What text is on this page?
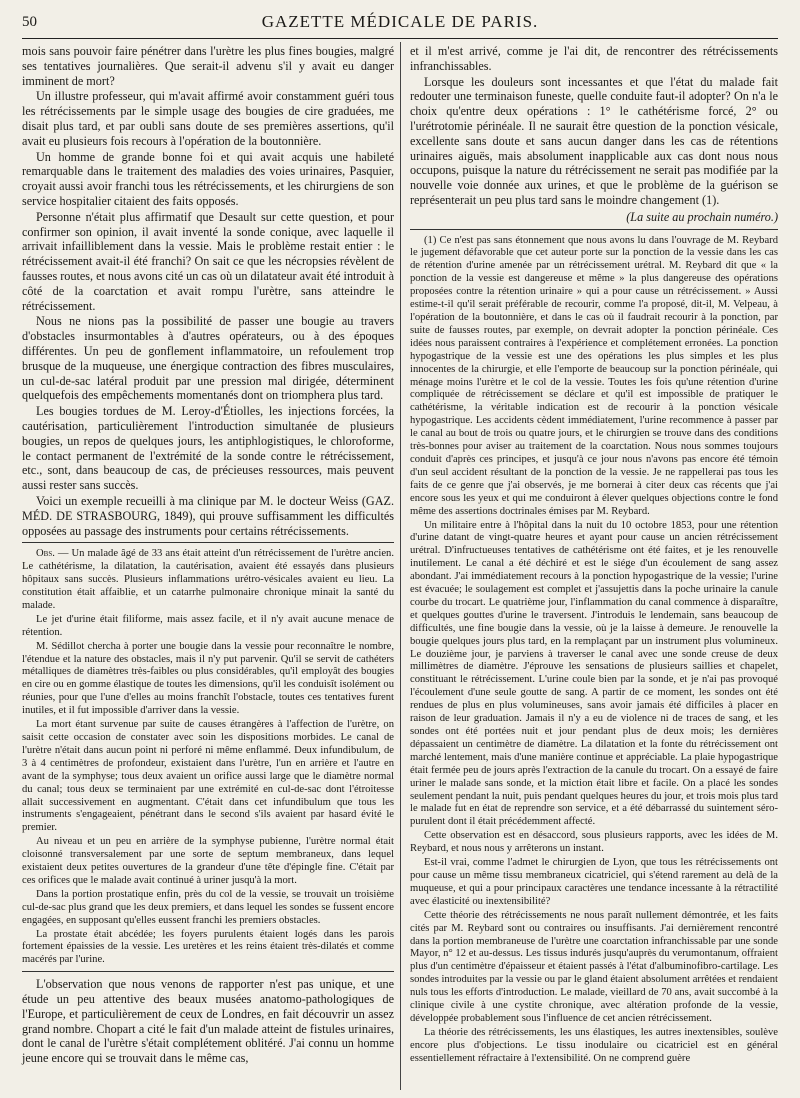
50	GAZETTE MÉDICALE DE PARIS.

mois sans pouvoir faire pénétrer dans l'urètre les plus fines bougies, malgré ses tentatives journalières. Que serait-il advenu s'il y avait eu danger imminent de mort?

Un illustre professeur, qui m'avait affirmé avoir constamment guéri tous les rétrécissements par le simple usage des bougies de cire graduées, me disait plus tard, et par oubli sans doute de ses premières assertions, qu'il avait eu plusieurs fois recours à l'opération de la boutonnière.

Un homme de grande bonne foi et qui avait acquis une habileté remarquable dans le traitement des maladies des voies urinaires, Pasquier, croyait aussi avoir franchi tous les rétrécissements, et les chirurgiens de son service hospitalier citaient des faits opposés.

Personne n'était plus affirmatif que Desault sur cette question, et pour confirmer son opinion, il avait inventé la sonde conique, avec laquelle il arrivait infailliblement dans la vessie. Mais le problème restait entier : le rétrécissement avait-il été franchi? On sait ce que les nécropsies révèlent de fausses routes, et nous avons cité un cas où un dilatateur avait été introduit à côté de la coarctation et avait rompu l'urètre, sans atteindre le rétrécissement.

Nous ne nions pas la possibilité de passer une bougie au travers d'obstacles insurmontables à d'autres opérateurs, ou à des époques différentes. Un peu de gonflement inflammatoire, un refoulement trop brusque de la muqueuse, une énergique contraction des fibres musculaires, un cul-de-sac latéral produit par une pression mal dirigée, déterminent quelquefois des empêchements momentanés dont on triomphera plus tard.

Les bougies tordues de M. Leroy-d'Étiolles, les injections forcées, la cautérisation, particulièrement l'introduction simultanée de plusieurs bougies, un repos de quelques jours, les antiphlogistiques, le chloroforme, le contact permanent de l'extrémité de la sonde contre le rétrécissement, etc., sont, dans beaucoup de cas, de précieuses ressources, mais peuvent aussi rester sans succès.

Voici un exemple recueilli à ma clinique par M. le docteur Weiss (GAZ. MÉD. DE STRASBOURG, 1849), qui prouve suffisamment les difficultés opposées au passage des instruments pour certains rétrécissements.

Obs. — Un malade âgé de 33 ans était atteint d'un rétrécissement de l'urètre ancien. Le cathétérisme, la dilatation, la cautérisation, avaient été essayés dans plusieurs hôpitaux sans succès. Plusieurs inflammations urétro-vésicales avaient eu lieu. La constitution était affaiblie, et un catarrhe pulmonaire chronique minait la santé du malade.

Le jet d'urine était filiforme, mais assez facile, et il n'y avait aucune menace de rétention.

M. Sédillot chercha à porter une bougie dans la vessie pour reconnaître le nombre, l'étendue et la nature des obstacles, mais il n'y put parvenir. Qu'il se servit de cathéters métalliques de diamètres très-faibles ou plus considérables, qu'il employât des bougies en cire ou en gomme élastique de toutes les dimensions, qu'il les conduisît isolément ou réunies, pour que l'une d'elles au moins franchît l'obstacle, toutes ces tentatives furent inutiles, et il fut impossible d'arriver dans la vessie.

La mort étant survenue par suite de causes étrangères à l'affection de l'urètre, on saisit cette occasion de constater avec soin les dispositions morbides. Le canal de l'urètre n'était dans aucun point ni perforé ni même enflammé. Deux infundibulum, de 3 à 4 centimètres de profondeur, existaient dans l'urètre, l'un en arrière et l'autre en avant de la symphyse; tous deux avaient un orifice aussi large que le diamètre normal du canal; tous deux se terminaient par une extrémité en cul-de-sac dont l'étroitesse allait successivement en augmentant. C'était dans cet infundibulum que tous les instruments s'engageaient, pénétrant dans le second s'ils avaient par hasard évité le premier.

Au niveau et un peu en arrière de la symphyse pubienne, l'urètre normal était cloisonné transversalement par une sorte de septum membraneux, dans lequel existaient deux petites ouvertures de la grandeur d'une tête d'épingle fine. C'était par ces orifices que le malade avait continué à uriner jusqu'à la mort.

Dans la portion prostatique enfin, près du col de la vessie, se trouvait un troisième cul-de-sac plus grand que les deux premiers, et dans lequel les sondes se fussent encore engagées, en supposant qu'elles eussent franchi les premiers obstacles.

La prostate était abcédée; les foyers purulents étaient logés dans les parois fortement épaissies de la vessie. Les uretères et les reins étaient très-dilatés et comme macérés par l'urine.

L'observation que nous venons de rapporter n'est pas unique, et une étude un peu attentive des beaux musées anatomo-pathologiques de l'Europe, et particulièrement de ceux de Londres, en fait découvrir un assez grand nombre. Chopart a cité le fait d'un malade atteint de fistules urinaires, dont le canal de l'urètre s'était complétement oblitéré. J'ai connu un homme jeune encore qui se trouvait dans le même cas,

et il m'est arrivé, comme je l'ai dit, de rencontrer des rétrécissements infranchissables.

Lorsque les douleurs sont incessantes et que l'état du malade fait redouter une terminaison funeste, quelle conduite faut-il adopter? On n'a le choix qu'entre deux opérations : 1° le cathétérisme forcé, 2° ou l'urétrotomie périnéale. Il ne saurait être question de la ponction vésicale, excellente sans doute et sans aucun danger dans les cas de rétentions urinaires aiguës, mais absolument inapplicable aux cas dont nous nous occupons, puisque la nature du rétrécissement ne serait pas modifiée par la nouvelle voie donnée aux urines, et que le problème de la guérison se représenterait un peu plus tard sans le moindre changement (1).

(La suite au prochain numéro.)

(1) Ce n'est pas sans étonnement que nous avons lu dans l'ouvrage de M. Reybard le jugement défavorable que cet auteur porte sur la ponction de la vessie dans les cas de rétention d'urine amenée par un rétrécissement urétral. M. Reybard dit que « la ponction de la vessie est dangereuse et même » la plus dangereuse des opérations proposées contre la rétention urinaire » qui a pour cause un rétrécissement. » Aussi estime-t-il qu'il serait préférable de recourir, comme l'a proposé, dit-il, M. Velpeau, à l'opération de la boutonnière, et dans le cas où il faudrait recourir à la ponction, par suite de fausses routes, par exemple, on devrait adopter la ponction périnéale. Ces idées nous paraissent contraires à l'expérience et complétement erronées. La ponction hypogastrique de la vessie est une des opérations les plus simples et les plus innocentes de la chirurgie, et elle l'emporte de beaucoup sur la ponction périnéale, qui ménage moins l'urètre et le col de la vessie. Toutes les fois qu'une rétention d'urine compliquée de rétrécissement se déclare et qu'il est impossible de pratiquer le cathétérisme, la véritable indication est de recourir à la ponction vésicale hypogastrique. Les accidents cèdent immédiatement, l'urine recommence à passer par le canal au bout de trois ou quatre jours, et le chirurgien se trouve dans des conditions très-bonnes pour aviser au traitement de la coarctation. Nous nous sommes toujours conduit d'après ces principes, et jusqu'à ce jour nous n'avons pas encore été témoin d'un seul accident résultant de la ponction de la vessie. Je ne rappellerai pas tous les faits de ce genre que j'ai observés, je me bornerai à citer deux cas récents que j'ai encore sous les yeux et qui me conduiront à élever quelques objections contre le fond même des assertions doctrinales émises par M. Reybard.

Un militaire entre à l'hôpital dans la nuit du 10 octobre 1853, pour une rétention d'urine datant de vingt-quatre heures et ayant pour cause un ancien rétrécissement urétral. D'infructueuses tentatives de cathétérisme ont été faites, et je les renouvelle inutilement. Le canal a été déchiré et est le siége d'un écoulement de sang assez abondant. J'ai immédiatement recours à la ponction hypogastrique de la vessie; l'urine est évacuée; le soulagement est complet et j'assujettis dans la poche urinaire la canule courbe du trocart. Le quatrième jour, l'inflammation du canal commence à disparaître, et quelques gouttes d'urine le traversent. J'introduis le lendemain, sans beaucoup de difficultés, une fine bougie dans la vessie, où je la laisse à demeure. Je renouvelle la bougie quelques jours plus tard, en la remplaçant par un instrument plus volumineux. Le douzième jour, je parviens à traverser le canal avec une sonde creuse de deux millimètres de diamètre. J'éprouve les sensations de plusieurs saillies et chapelet, constituant le rétrécissement. L'urine coule bien par la sonde, et je n'ai pas provoqué l'écoulement d'une seule goutte de sang. A partir de ce moment, les sondes ont été rendues de plus en plus volumineuses, sans avoir jamais été difficiles à placer en raison de leur graduation. Jamais il n'y a eu de violence ni de traces de sang, et les sondes ont été portées nuit et jour pendant plus de deux mois; les dernières dépassaient un centimètre de diamètre. La dilatation et la fonte du rétrécissement ont marché lentement, mais d'une manière continue et appréciable. La plaie hypogastrique était fermée peu de jours après l'extraction de la canule du trocart. On a essayé de faire uriner le malade sans sonde, et la miction était libre et facile. On a placé les sondes seulement pendant la nuit, puis pendant quelques heures du jour, et trois mois plus tard le malade fut en état de reprendre son service, et a été débarrassé du suintement séro-purulent dont il était précédemment affecté.

Cette observation est en désaccord, sous plusieurs rapports, avec les idées de M. Reybard, et nous nous y arrêterons un instant.

Est-il vrai, comme l'admet le chirurgien de Lyon, que tous les rétrécissements ont pour cause un même tissu membraneux cicatriciel, qui s'étend rarement au delà de la muqueuse, et qui a pour principaux caractères une tendance incessante à la rétractilité avec élasticité ou inextensibilité?

Cette théorie des rétrécissements ne nous paraît nullement démontrée, et les faits cités par M. Reybard sont ou contraires ou insuffisants. J'ai dernièrement rencontré dans la portion membraneuse de l'urètre une coarctation infranchissable par une sonde Mayor, n° 12 et au-dessus. Les tissus indurés jusqu'auprès du verumontanum, offraient plus d'un centimètre d'épaisseur et étaient passés à l'état d'albuminofibro-cartilage. Les sondes introduites par la vessie ou par le gland étaient absolument arrêtées et rendaient nuls tous les efforts d'introduction. Le malade, vieillard de 70 ans, avait succombé à la clinique civile à une cystite chronique, avec altération profonde de la vessie, développée probablement sous l'influence de cet ancien rétrécissement.

La théorie des rétrécissements, les uns élastiques, les autres inextensibles, soulève encore plus d'objections. Le tissu inodulaire ou cicatriciel est en général essentiellement réfractaire à l'extensibilité. On ne comprend guère
